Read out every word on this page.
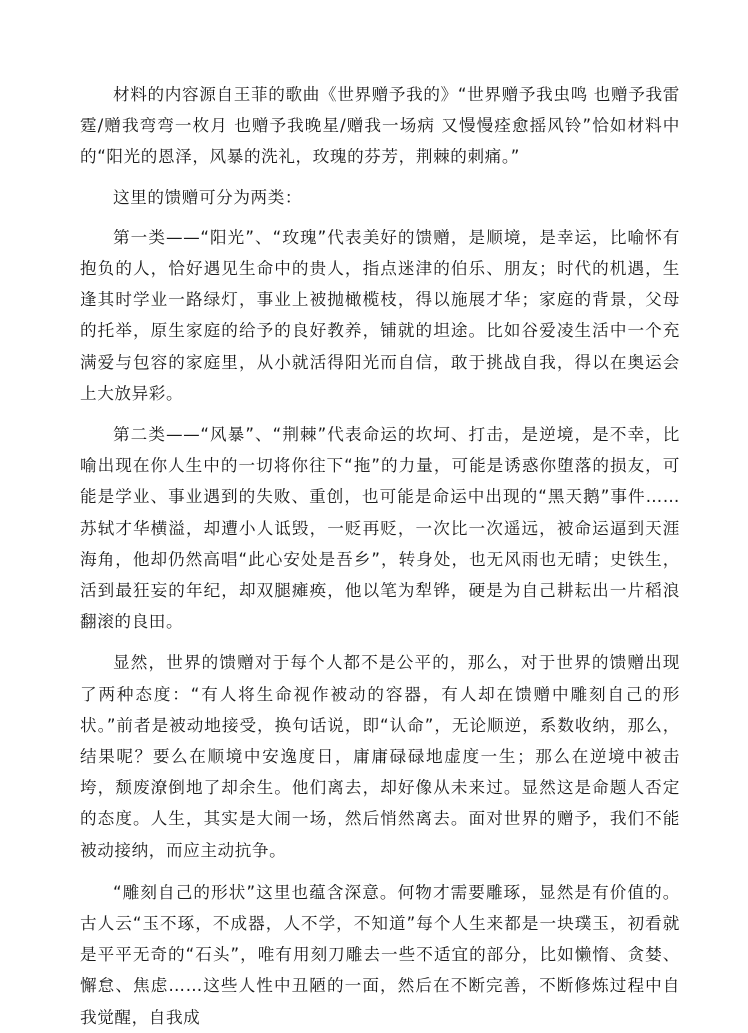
材料的内容源自王菲的歌曲《世界赠予我的》“世界赠予我虫鸣 也赠予我雷霆/赠我弯弯一枚月 也赠予我晚星/赠我一场病 又慢慢痊愈摇风铃”恰如材料中的“阳光的恩泽，风暴的洗礼，玫瑰的芬芳，荆棘的刺痛。”

这里的馈赠可分为两类：

第一类——“阳光”、“玫瑰”代表美好的馈赠，是顺境，是幸运，比喻怀有抱负的人，恰好遇见生命中的贵人，指点迷津的伯乐、朋友；时代的机遇，生逢其时学业一路绿灯，事业上被抛橄榄枝，得以施展才华；家庭的背景，父母的托举，原生家庭的给予的良好教养，铺就的坦途。比如谷爱凌生活中一个充满爱与包容的家庭里，从小就活得阳光而自信，敢于挑战自我，得以在奥运会上大放异彩。

第二类——“风暴”、“荆棘”代表命运的坎坷、打击，是逆境，是不幸，比喻出现在你人生中的一切将你往下“拖”的力量，可能是诱惑你堕落的损友，可能是学业、事业遇到的失败、重创，也可能是命运中出现的“黑天鹅”事件……苏轼才华横溢，却遭小人诋毁，一贬再贬，一次比一次遥远，被命运逼到天涯海角，他却仍然高唱“此心安处是吾乡”，转身处，也无风雨也无晴；史铁生，活到最狂妄的年纪，却双腿瘫痪，他以笔为犁铧，硬是为自己耕耘出一片稻浪翻滚的良田。

显然，世界的馈赠对于每个人都不是公平的，那么，对于世界的馈赠出现了两种态度：“有人将生命视作被动的容器，有人却在馈赠中雕刻自己的形状。”前者是被动地接受，换句话说，即“认命”，无论顺逆，系数收纳，那么，结果呢？要么在顺境中安逸度日，庸庸碌碌地虚度一生；那么在逆境中被击垮，颓废潦倒地了却余生。他们离去，却好像从未来过。显然这是命题人否定的态度。人生，其实是大闹一场，然后悄然离去。面对世界的赠予，我们不能被动接纳，而应主动抗争。

“雕刻自己的形状”这里也蕴含深意。何物才需要雕琢，显然是有价值的。古人云“玉不琢，不成器，人不学，不知道”每个人生来都是一块璞玉，初看就是平平无奇的“石头”，唯有用刻刀雕去一些不适宜的部分，比如懒惰、贪婪、懈怠、焦虑……这些人性中丑陋的一面，然后在不断完善，不断修炼过程中自我觉醒，自我成
